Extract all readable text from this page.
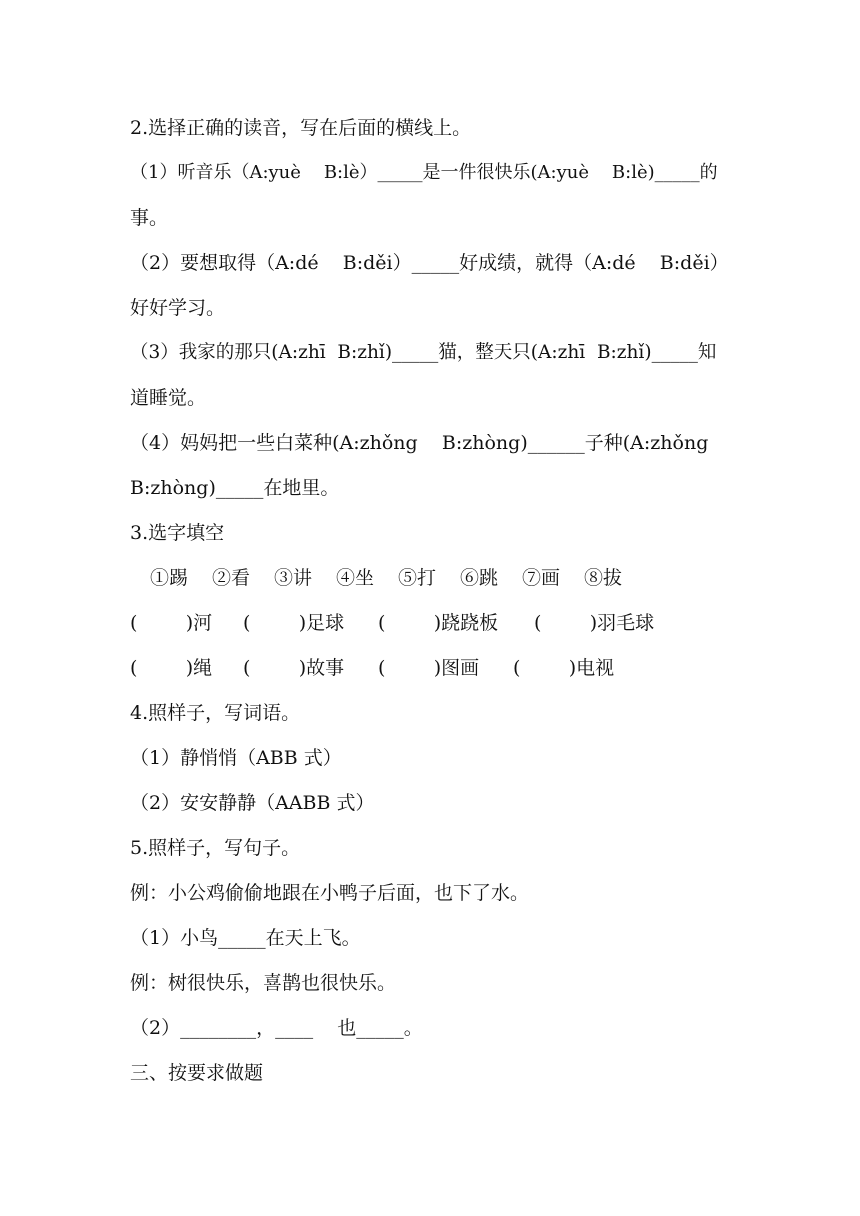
2.选择正确的读音，写在后面的横线上。
（1）听音乐（A:yuè    B:lè）_____是一件很快乐(A:yuè    B:lè)_____的
事。
（2）要想取得（A:dé    B:děi）_____好成绩，就得（A:dé    B:děi）
好好学习。
（3）我家的那只(A:zhī  B:zhǐ)_____猫，整天只(A:zhī  B:zhǐ)_____知
道睡觉。
（4）妈妈把一些白菜种(A:zhǒng    B:zhòng)______子种(A:zhǒng
B:zhòng)_____在地里。
3.选字填空
①踢 ②看 ③讲 ④坐 ⑤打 ⑥跳 ⑦画 ⑧拔
(        )河 (        )足球 (        )跷跷板 (        )羽毛球
(        )绳 (        )故事 (        )图画 (        )电视
4.照样子，写词语。
（1）静悄悄（ABB 式）
（2）安安静静（AABB 式）
5.照样子，写句子。
例：小公鸡偷偷地跟在小鸭子后面，也下了水。
（1）小鸟_____在天上飞。
例：树很快乐，喜鹊也很快乐。
（2）________，____    也_____。
三、按要求做题
